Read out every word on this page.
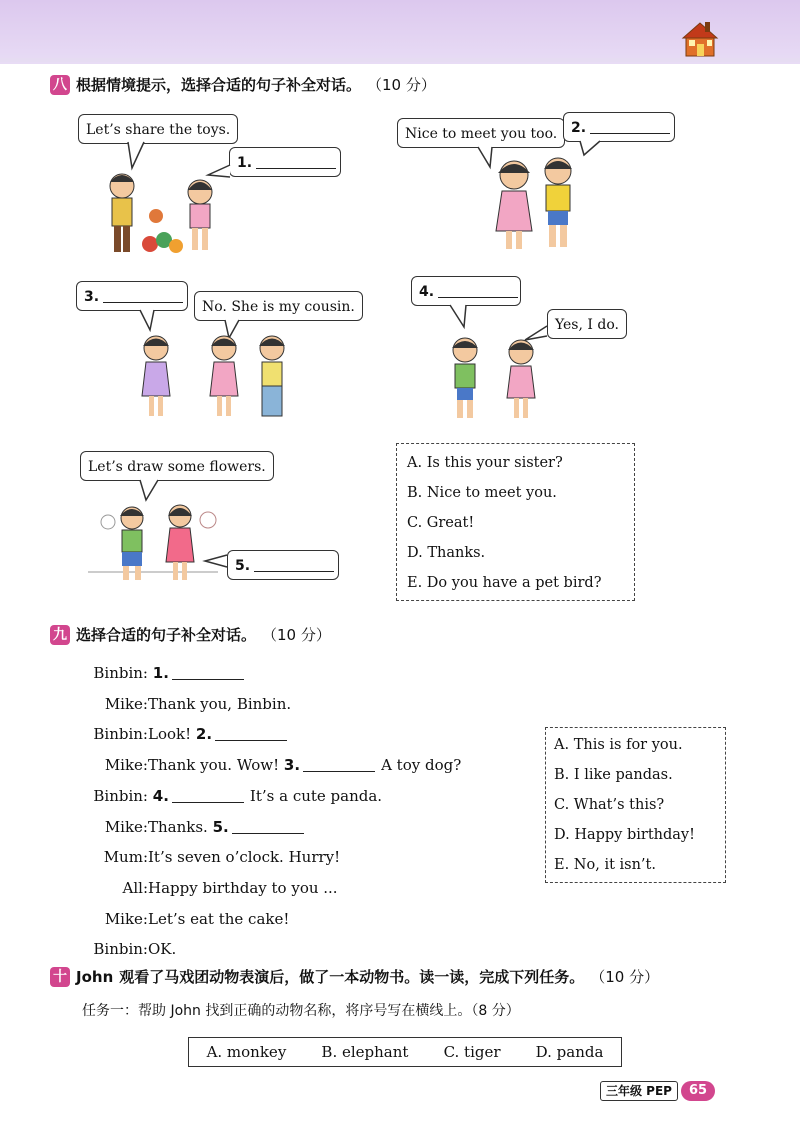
八 根据情境提示，选择合适的句子补全对话。 （10 分）
Let’s share the toys.
1.
Nice to meet you too. 2.
3.
No. She is my cousin.
4.
Yes, I do.
Let’s draw some flowers.
5.
A. Is this your sister?
B. Nice to meet you.
C. Great!
D. Thanks.
E. Do you have a pet bird?
九 选择合适的句子补全对话。 （10 分）
Binbin: 1.
Mike:Thank you, Binbin.
Binbin:Look! 2.
Mike:Thank you. Wow! 3.	A toy dog?
Binbin: 4.	It’s a cute panda.
Mike:Thanks. 5.
Mum:It’s seven o’clock. Hurry!
All:Happy birthday to you ...
Mike:Let’s eat the cake!
Binbin:OK.
A. This is for you.
B. I like pandas.
C. What’s this?
D. Happy birthday!
E. No, it isn’t.
十 John 观看了马戏团动物表演后，做了一本动物书。读一读，完成下列任务。 （10 分）
任务一：帮助 John 找到正确的动物名称，将序号写在横线上。（8 分）
A. monkey B. elephant C. tiger D. panda
三年级 PEP	65
